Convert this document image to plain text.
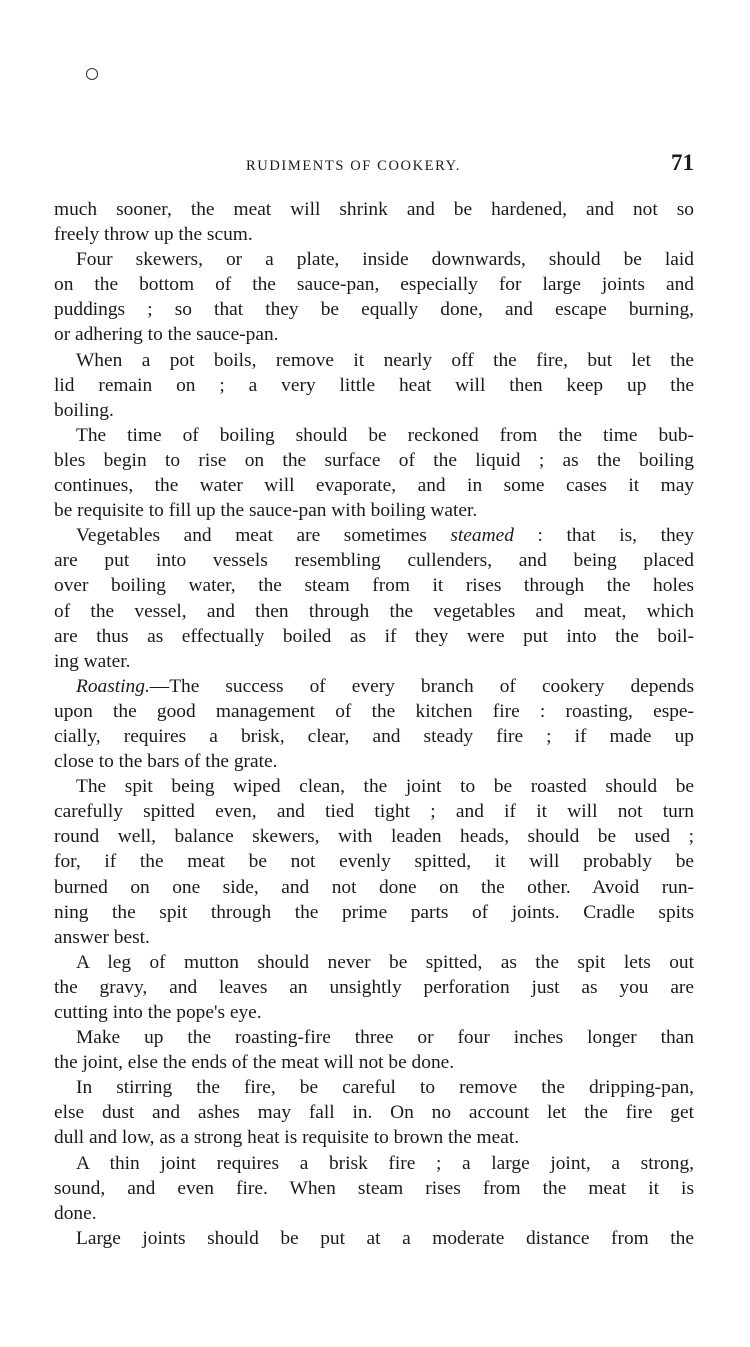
RUDIMENTS OF COOKERY.	71
much sooner, the meat will shrink and be hardened, and not so
freely throw up the scum.
Four skewers, or a plate, inside downwards, should be laid
on the bottom of the sauce-pan, especially for large joints and
puddings ; so that they be equally done, and escape burning,
or adhering to the sauce-pan.
When a pot boils, remove it nearly off the fire, but let the
lid remain on ; a very little heat will then keep up the
boiling.
The time of boiling should be reckoned from the time bub-
bles begin to rise on the surface of the liquid ; as the boiling
continues, the water will evaporate, and in some cases it may
be requisite to fill up the sauce-pan with boiling water.
Vegetables and meat are sometimes steamed : that is, they
are put into vessels resembling cullenders, and being placed
over boiling water, the steam from it rises through the holes
of the vessel, and then through the vegetables and meat, which
are thus as effectually boiled as if they were put into the boil-
ing water.
Roasting.—The success of every branch of cookery depends
upon the good management of the kitchen fire : roasting, espe-
cially, requires a brisk, clear, and steady fire ; if made up
close to the bars of the grate.
The spit being wiped clean, the joint to be roasted should be
carefully spitted even, and tied tight ; and if it will not turn
round well, balance skewers, with leaden heads, should be used ;
for, if the meat be not evenly spitted, it will probably be
burned on one side, and not done on the other. Avoid run-
ning the spit through the prime parts of joints. Cradle spits
answer best.
A leg of mutton should never be spitted, as the spit lets out
the gravy, and leaves an unsightly perforation just as you are
cutting into the pope's eye.
Make up the roasting-fire three or four inches longer than
the joint, else the ends of the meat will not be done.
In stirring the fire, be careful to remove the dripping-pan,
else dust and ashes may fall in. On no account let the fire get
dull and low, as a strong heat is requisite to brown the meat.
A thin joint requires a brisk fire ; a large joint, a strong,
sound, and even fire. When steam rises from the meat it is
done.
Large joints should be put at a moderate distance from the
